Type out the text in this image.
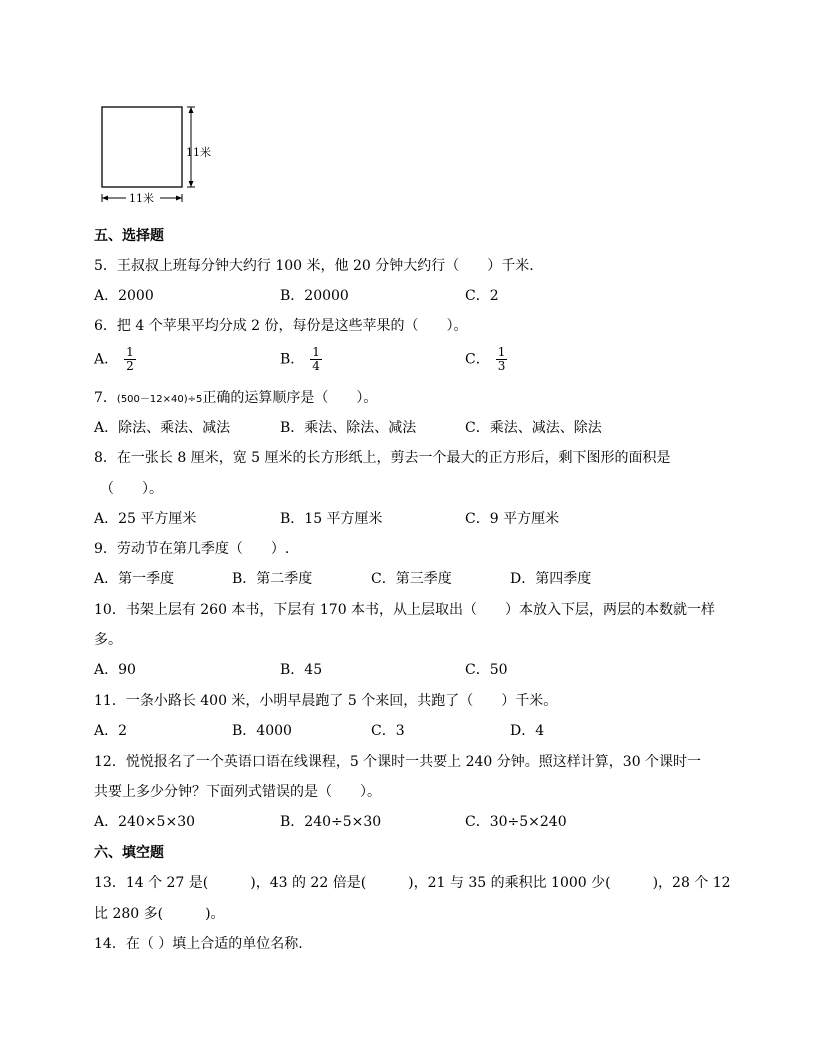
11米
11米
五、选择题
5．王叔叔上班每分钟大约行 100 米，他 20 分钟大约行（　　）千米.
A．2000	B．20000	C．2
6．把 4 个苹果平均分成 2 份，每份是这些苹果的（　　）。
A． $\frac{1}{2}$	B． $\frac{1}{4}$	C． $\frac{1}{3}$
7．(500－12×40)÷5正确的运算顺序是（　　）。
A．除法、乘法、减法	B．乘法、除法、减法	C．乘法、减法、除法
8．在一张长 8 厘米，宽 5 厘米的长方形纸上，剪去一个最大的正方形后，剩下图形的面积是
（　　）。
A．25 平方厘米	B．15 平方厘米	C．9 平方厘米
9．劳动节在第几季度（　　）.
A．第一季度	B．第二季度	C．第三季度	D．第四季度
10．书架上层有 260 本书，下层有 170 本书，从上层取出（　　）本放入下层，两层的本数就一样
多。
A．90	B．45	C．50
11．一条小路长 400 米，小明早晨跑了 5 个来回，共跑了（　　）千米。
A．2	B．4000	C．3	D．4
12．悦悦报名了一个英语口语在线课程，5 个课时一共要上 240 分钟。照这样计算，30 个课时一
共要上多少分钟？下面列式错误的是（　　）。
A．240×5×30	B．240÷5×30	C．30÷5×240
六、填空题
13．14 个 27 是(　　　)，43 的 22 倍是(　　　)，21 与 35 的乘积比 1000 少(　　　)，28 个 12
比 280 多(　　　)。
14．在（ ）填上合适的单位名称.
